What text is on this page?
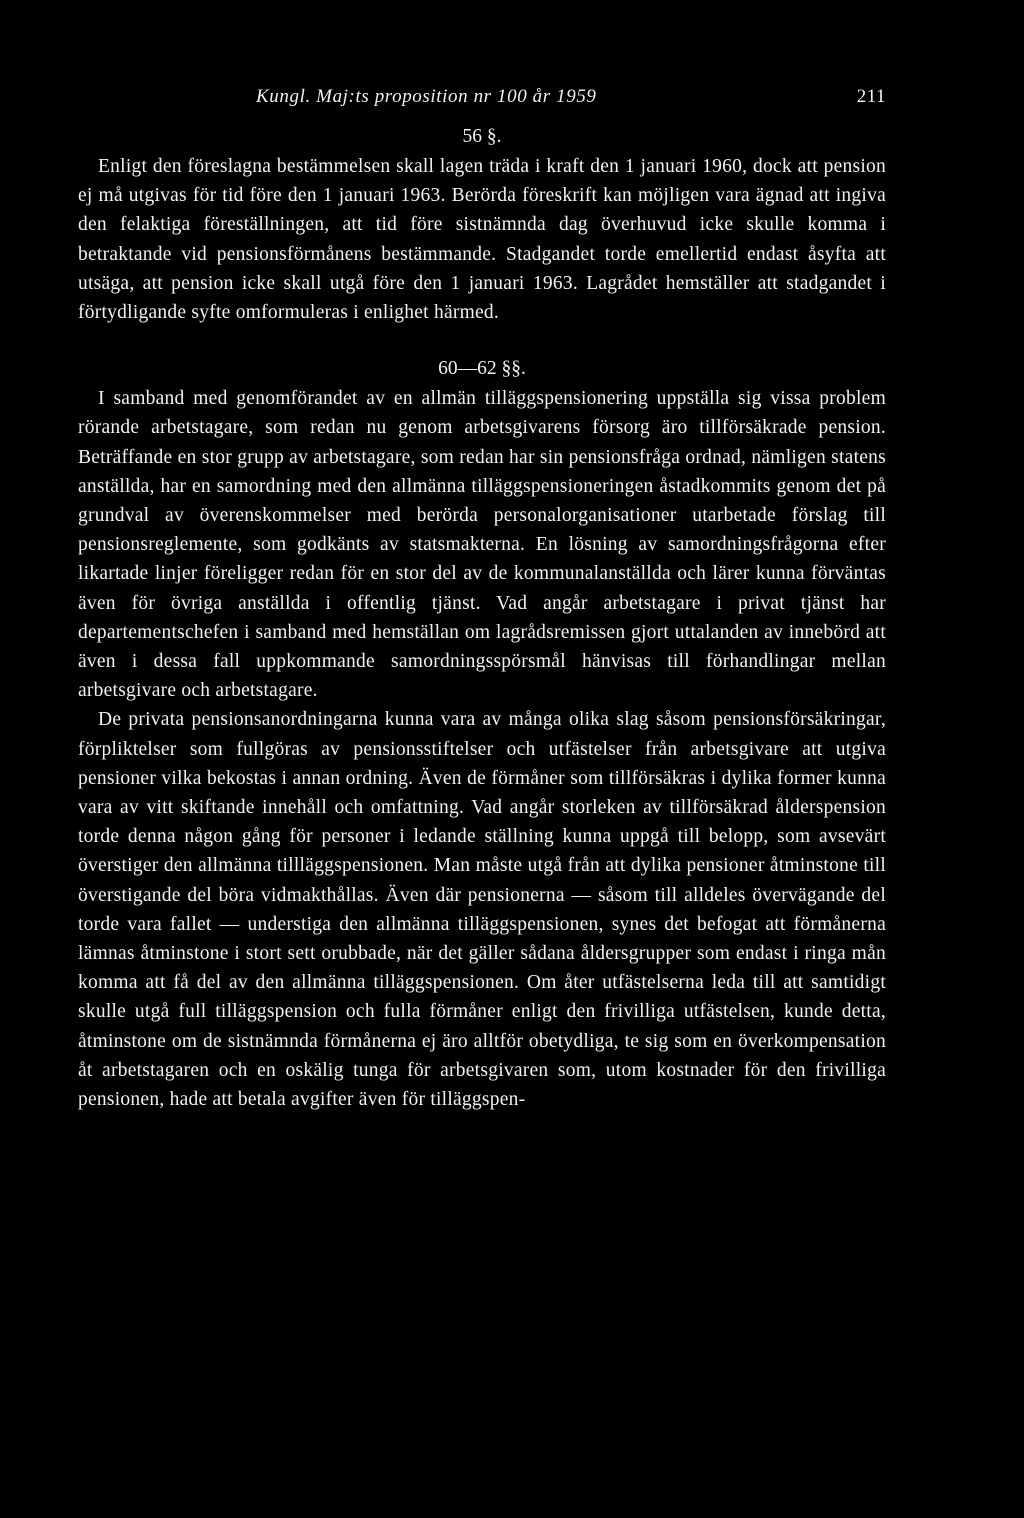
Kungl. Maj:ts proposition nr 100 år 1959	211
56 §.

Enligt den föreslagna bestämmelsen skall lagen träda i kraft den 1 januari 1960, dock att pension ej må utgivas för tid före den 1 januari 1963. Berörda föreskrift kan möjligen vara ägnad att ingiva den felaktiga föreställningen, att tid före sistnämnda dag överhuvud icke skulle komma i betraktande vid pensionsförmånens bestämmande. Stadgandet torde emellertid endast åsyfta att utsäga, att pension icke skall utgå före den 1 januari 1963. Lagrådet hemställer att stadgandet i förtydligande syfte omformuleras i enlighet härmed.

60—62 §§.

I samband med genomförandet av en allmän tilläggspensionering uppställa sig vissa problem rörande arbetstagare, som redan nu genom arbetsgivarens försorg äro tillförsäkrade pension. Beträffande en stor grupp av arbetstagare, som redan har sin pensionsfråga ordnad, nämligen statens anställda, har en samordning med den allmänna tilläggspensioneringen åstadkommits genom det på grundval av överenskommelser med berörda personalorganisationer utarbetade förslag till pensionsreglemente, som godkänts av statsmakterna. En lösning av samordningsfrågorna efter likartade linjer föreligger redan för en stor del av de kommunalanställda och lärer kunna förväntas även för övriga anställda i offentlig tjänst. Vad angår arbetstagare i privat tjänst har departementschefen i samband med hemställan om lagrådsremissen gjort uttalanden av innebörd att även i dessa fall uppkommande samordningsspörsmål hänvisas till förhandlingar mellan arbetsgivare och arbetstagare.

De privata pensionsanordningarna kunna vara av många olika slag såsom pensionsförsäkringar, förpliktelser som fullgöras av pensionsstiftelser och utfästelser från arbetsgivare att utgiva pensioner vilka bekostas i annan ordning. Även de förmåner som tillförsäkras i dylika former kunna vara av vitt skiftande innehåll och omfattning. Vad angår storleken av tillförsäkrad ålderspension torde denna någon gång för personer i ledande ställning kunna uppgå till belopp, som avsevärt överstiger den allmänna tillläggspensionen. Man måste utgå från att dylika pensioner åtminstone till överstigande del böra vidmakthållas. Även där pensionerna — såsom till alldeles övervägande del torde vara fallet — understiga den allmänna tilläggspensionen, synes det befogat att förmånerna lämnas åtminstone i stort sett orubbade, när det gäller sådana åldersgrupper som endast i ringa mån komma att få del av den allmänna tilläggspensionen. Om åter utfästelserna leda till att samtidigt skulle utgå full tilläggspension och fulla förmåner enligt den frivilliga utfästelsen, kunde detta, åtminstone om de sistnämnda förmånerna ej äro alltför obetydliga, te sig som en överkompensation åt arbetstagaren och en oskälig tunga för arbetsgivaren som, utom kostnader för den frivilliga pensionen, hade att betala avgifter även för tilläggspen-
